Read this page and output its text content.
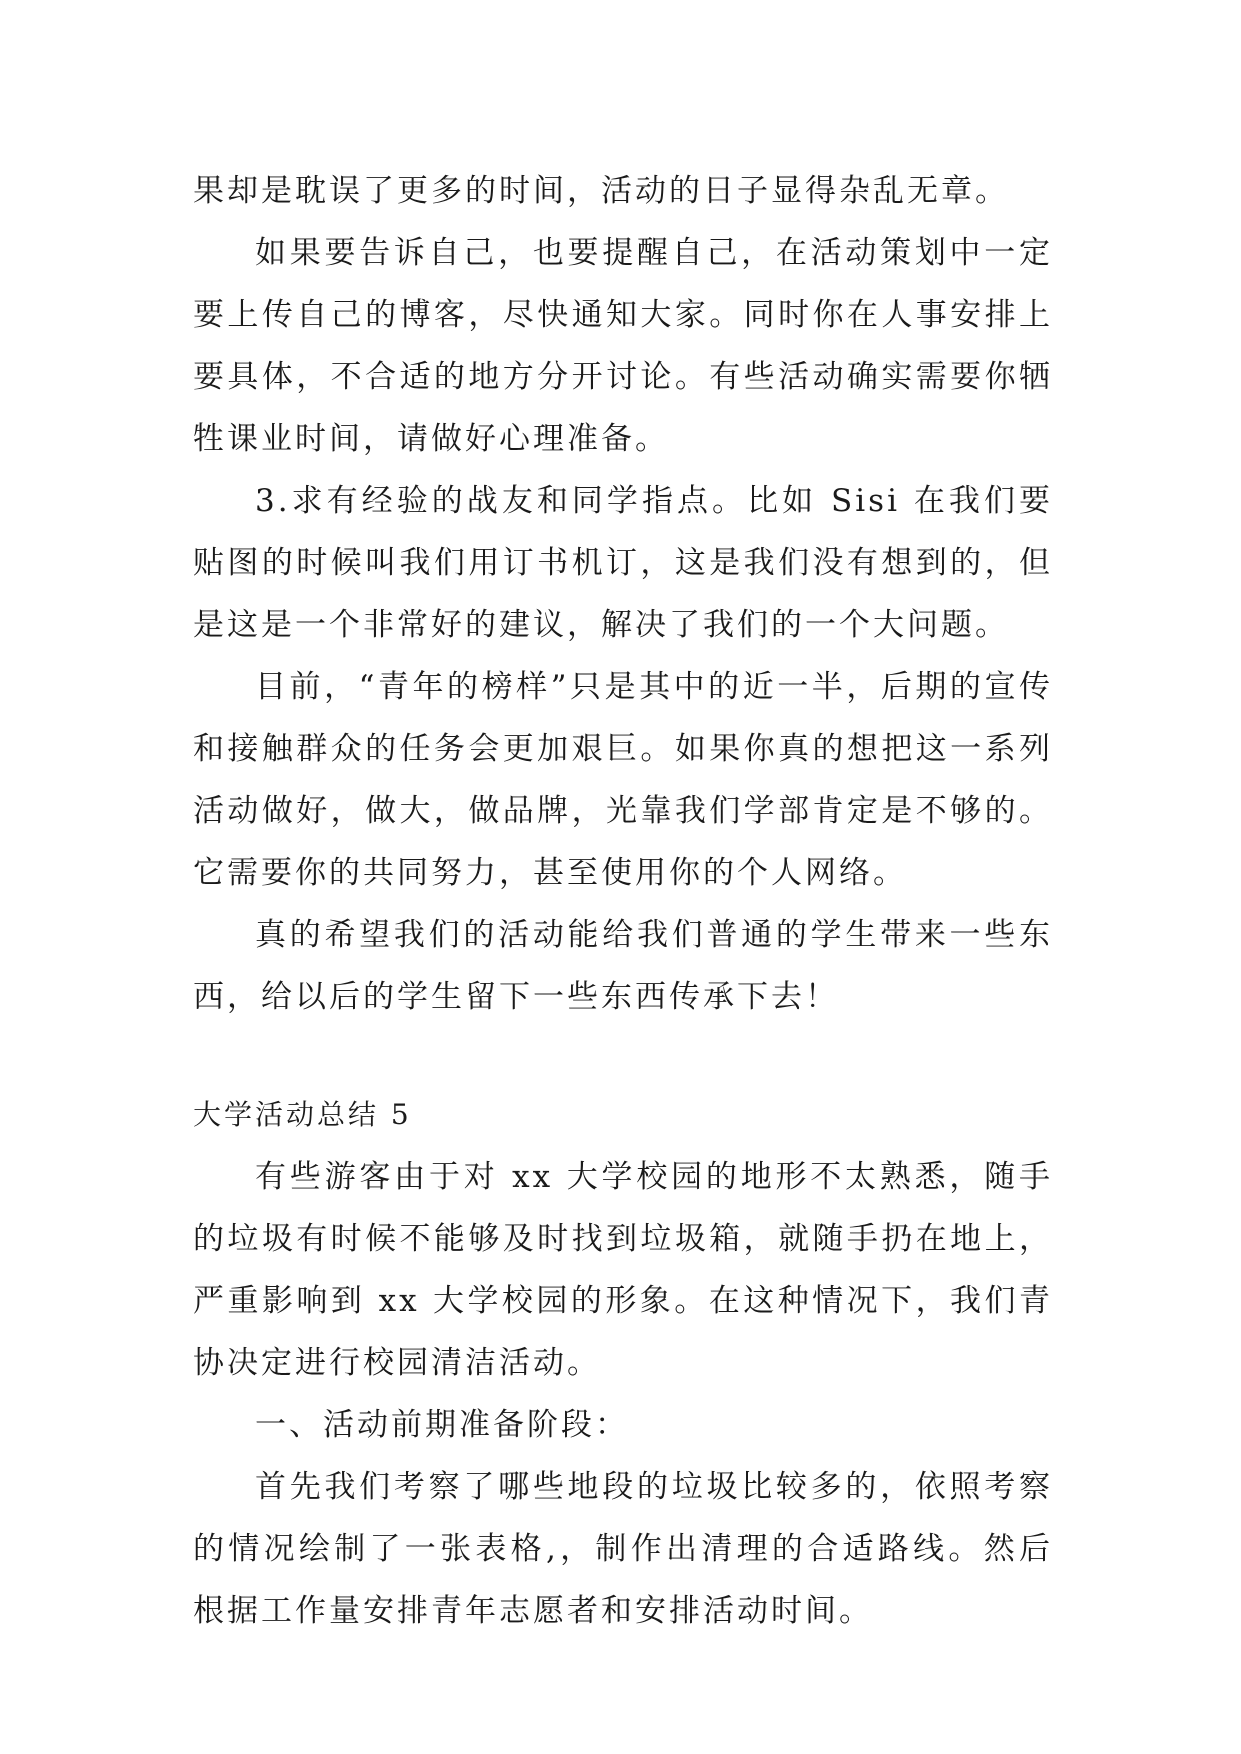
果却是耽误了更多的时间，活动的日子显得杂乱无章。

如果要告诉自己，也要提醒自己，在活动策划中一定要上传自己的博客，尽快通知大家。同时你在人事安排上要具体，不合适的地方分开讨论。有些活动确实需要你牺牲课业时间，请做好心理准备。

3.求有经验的战友和同学指点。比如 Sisi 在我们要贴图的时候叫我们用订书机订，这是我们没有想到的，但是这是一个非常好的建议，解决了我们的一个大问题。

目前，“青年的榜样”只是其中的近一半，后期的宣传和接触群众的任务会更加艰巨。如果你真的想把这一系列活动做好，做大，做品牌，光靠我们学部肯定是不够的。它需要你的共同努力，甚至使用你的个人网络。

真的希望我们的活动能给我们普通的学生带来一些东西，给以后的学生留下一些东西传承下去！

大学活动总结 5

有些游客由于对 xx 大学校园的地形不太熟悉，随手的垃圾有时候不能够及时找到垃圾箱，就随手扔在地上，严重影响到 xx 大学校园的形象。在这种情况下，我们青协决定进行校园清洁活动。

一、活动前期准备阶段：

首先我们考察了哪些地段的垃圾比较多的，依照考察的情况绘制了一张表格,，制作出清理的合适路线。然后根据工作量安排青年志愿者和安排活动时间。
